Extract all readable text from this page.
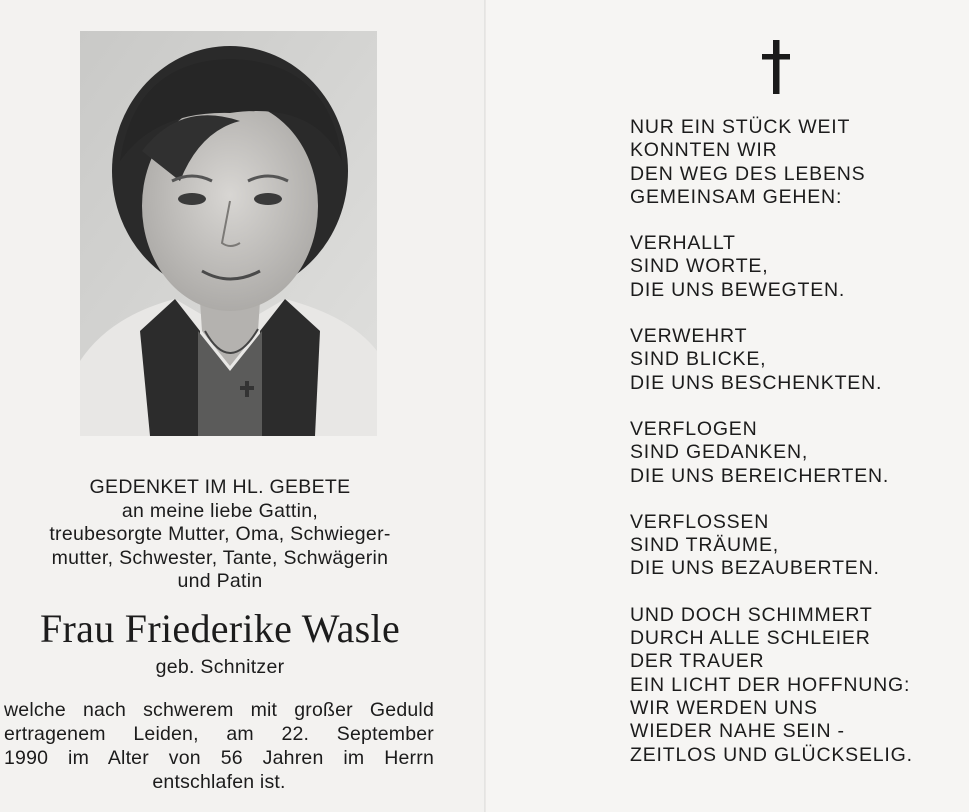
GEDENKET IM HL. GEBETE
an meine liebe Gattin,
treubesorgte Mutter, Oma, Schwieger-
mutter, Schwester, Tante, Schwägerin
und Patin
Frau Friederike Wasle
geb. Schnitzer
welche nach schwerem mit großer Geduld
ertragenem Leiden, am 22. September
1990 im Alter von 56 Jahren im Herrn
entschlafen ist.
NUR EIN STÜCK WEIT
KONNTEN WIR
DEN WEG DES LEBENS
GEMEINSAM GEHEN:
VERHALLT
SIND WORTE,
DIE UNS BEWEGTEN.
VERWEHRT
SIND BLICKE,
DIE UNS BESCHENKTEN.
VERFLOGEN
SIND GEDANKEN,
DIE UNS BEREICHERTEN.
VERFLOSSEN
SIND TRÄUME,
DIE UNS BEZAUBERTEN.
UND DOCH SCHIMMERT
DURCH ALLE SCHLEIER
DER TRAUER
EIN LICHT DER HOFFNUNG:
WIR WERDEN UNS
WIEDER NAHE SEIN -
ZEITLOS UND GLÜCKSELIG.
